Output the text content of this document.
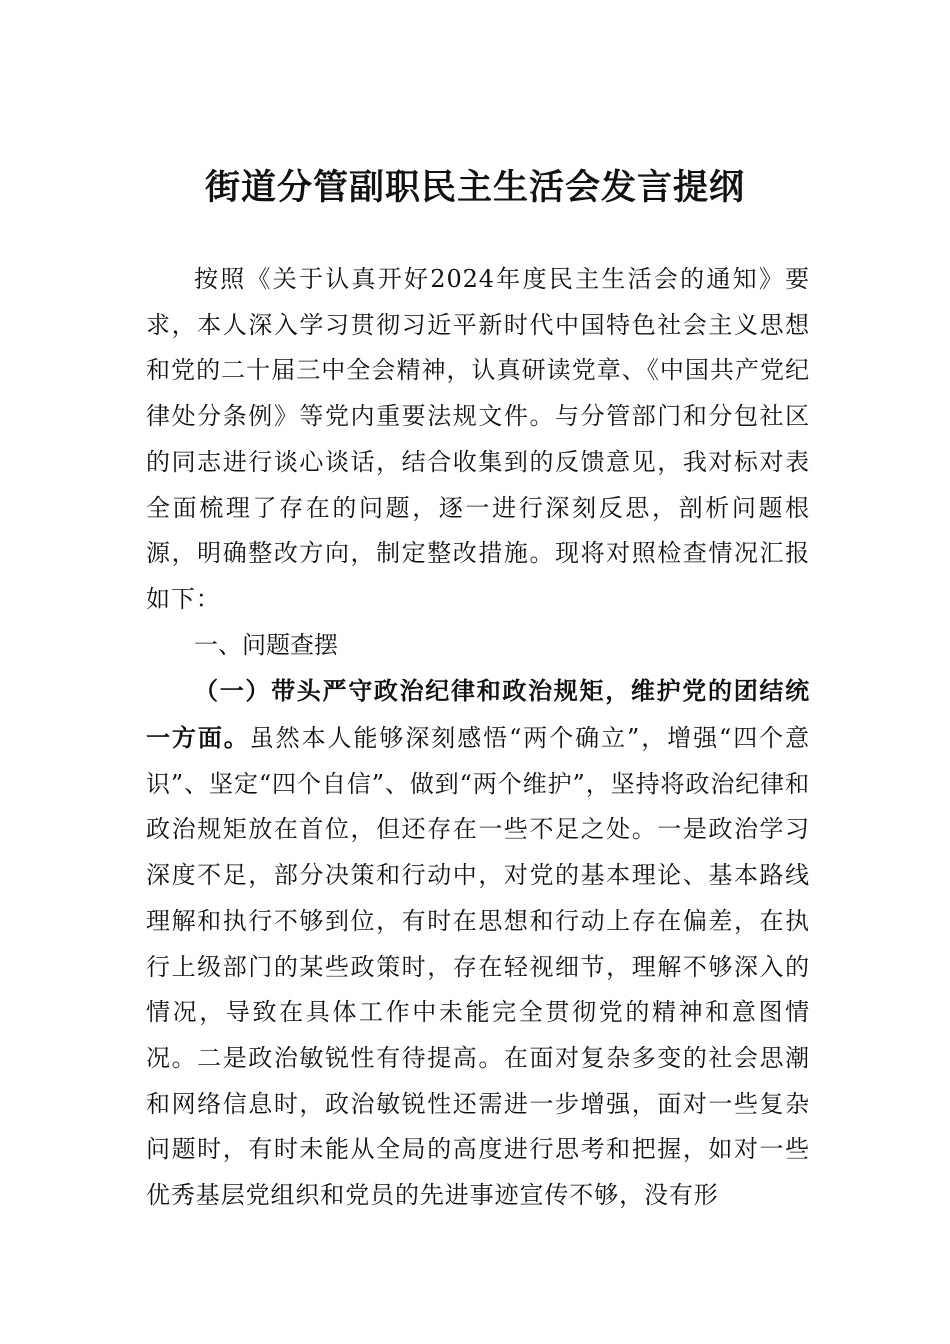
街道分管副职民主生活会发言提纲

按照《关于认真开好2024年度民主生活会的通知》要求，本人深入学习贯彻习近平新时代中国特色社会主义思想和党的二十届三中全会精神，认真研读党章、《中国共产党纪律处分条例》等党内重要法规文件。与分管部门和分包社区的同志进行谈心谈话，结合收集到的反馈意见，我对标对表全面梳理了存在的问题，逐一进行深刻反思，剖析问题根源，明确整改方向，制定整改措施。现将对照检查情况汇报如下：

一、问题查摆

（一）带头严守政治纪律和政治规矩，维护党的团结统一方面。虽然本人能够深刻感悟“两个确立”，增强“四个意识”、坚定“四个自信”、做到“两个维护”，坚持将政治纪律和政治规矩放在首位，但还存在一些不足之处。一是政治学习深度不足，部分决策和行动中，对党的基本理论、基本路线理解和执行不够到位，有时在思想和行动上存在偏差，在执行上级部门的某些政策时，存在轻视细节，理解不够深入的情况，导致在具体工作中未能完全贯彻党的精神和意图情况。二是政治敏锐性有待提高。在面对复杂多变的社会思潮和网络信息时，政治敏锐性还需进一步增强，面对一些复杂问题时，有时未能从全局的高度进行思考和把握，如对一些优秀基层党组织和党员的先进事迹宣传不够，没有形
